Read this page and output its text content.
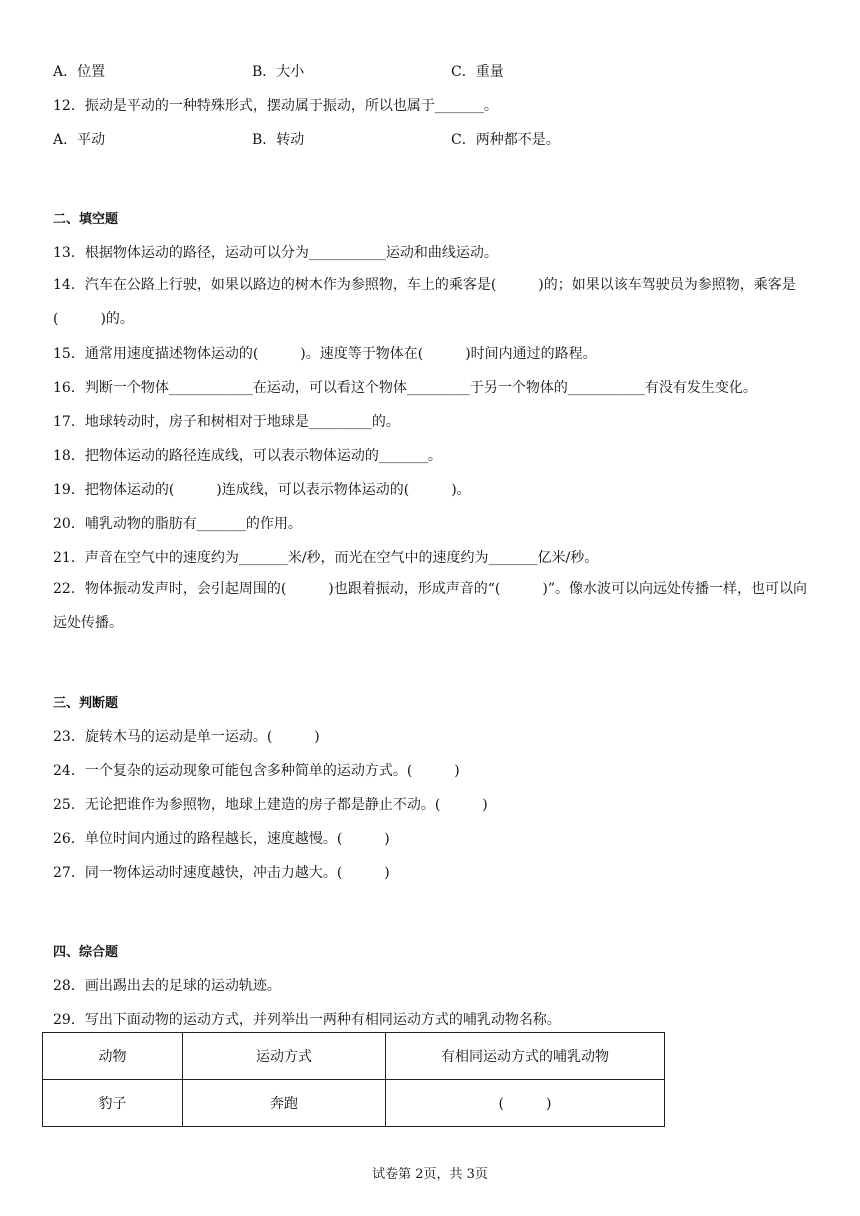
A．位置	B．大小	C．重量
12．振动是平动的一种特殊形式，摆动属于振动，所以也属于_______。
A．平动	B．转动	C．两种都不是。
二、填空题
13．根据物体运动的路径，运动可以分为___________运动和曲线运动。
14．汽车在公路上行驶，如果以路边的树木作为参照物，车上的乘客是(　　　)的；如果以该车驾驶员为参照物，乘客是(　　　)的。
15．通常用速度描述物体运动的(　　　)。速度等于物体在(　　　)时间内通过的路程。
16．判断一个物体____________在运动，可以看这个物体_________于另一个物体的___________有没有发生变化。
17．地球转动时，房子和树相对于地球是_________的。
18．把物体运动的路径连成线，可以表示物体运动的_______。
19．把物体运动的(　　　)连成线，可以表示物体运动的(　　　)。
20．哺乳动物的脂肪有_______的作用。
21．声音在空气中的速度约为_______米/秒，而光在空气中的速度约为_______亿米/秒。
22．物体振动发声时，会引起周围的(　　　)也跟着振动，形成声音的“(　　　)”。像水波可以向远处传播一样，也可以向远处传播。
三、判断题
23．旋转木马的运动是单一运动。(　　　)
24．一个复杂的运动现象可能包含多种简单的运动方式。(　　　)
25．无论把谁作为参照物，地球上建造的房子都是静止不动。(　　　)
26．单位时间内通过的路程越长，速度越慢。(　　　)
27．同一物体运动时速度越快，冲击力越大。(　　　)
四、综合题
28．画出踢出去的足球的运动轨迹。
29．写出下面动物的运动方式，并列举出一两种有相同运动方式的哺乳动物名称。
动物	运动方式	有相同运动方式的哺乳动物
豹子	奔跑	(　　　)
试卷第 2页，共 3页
